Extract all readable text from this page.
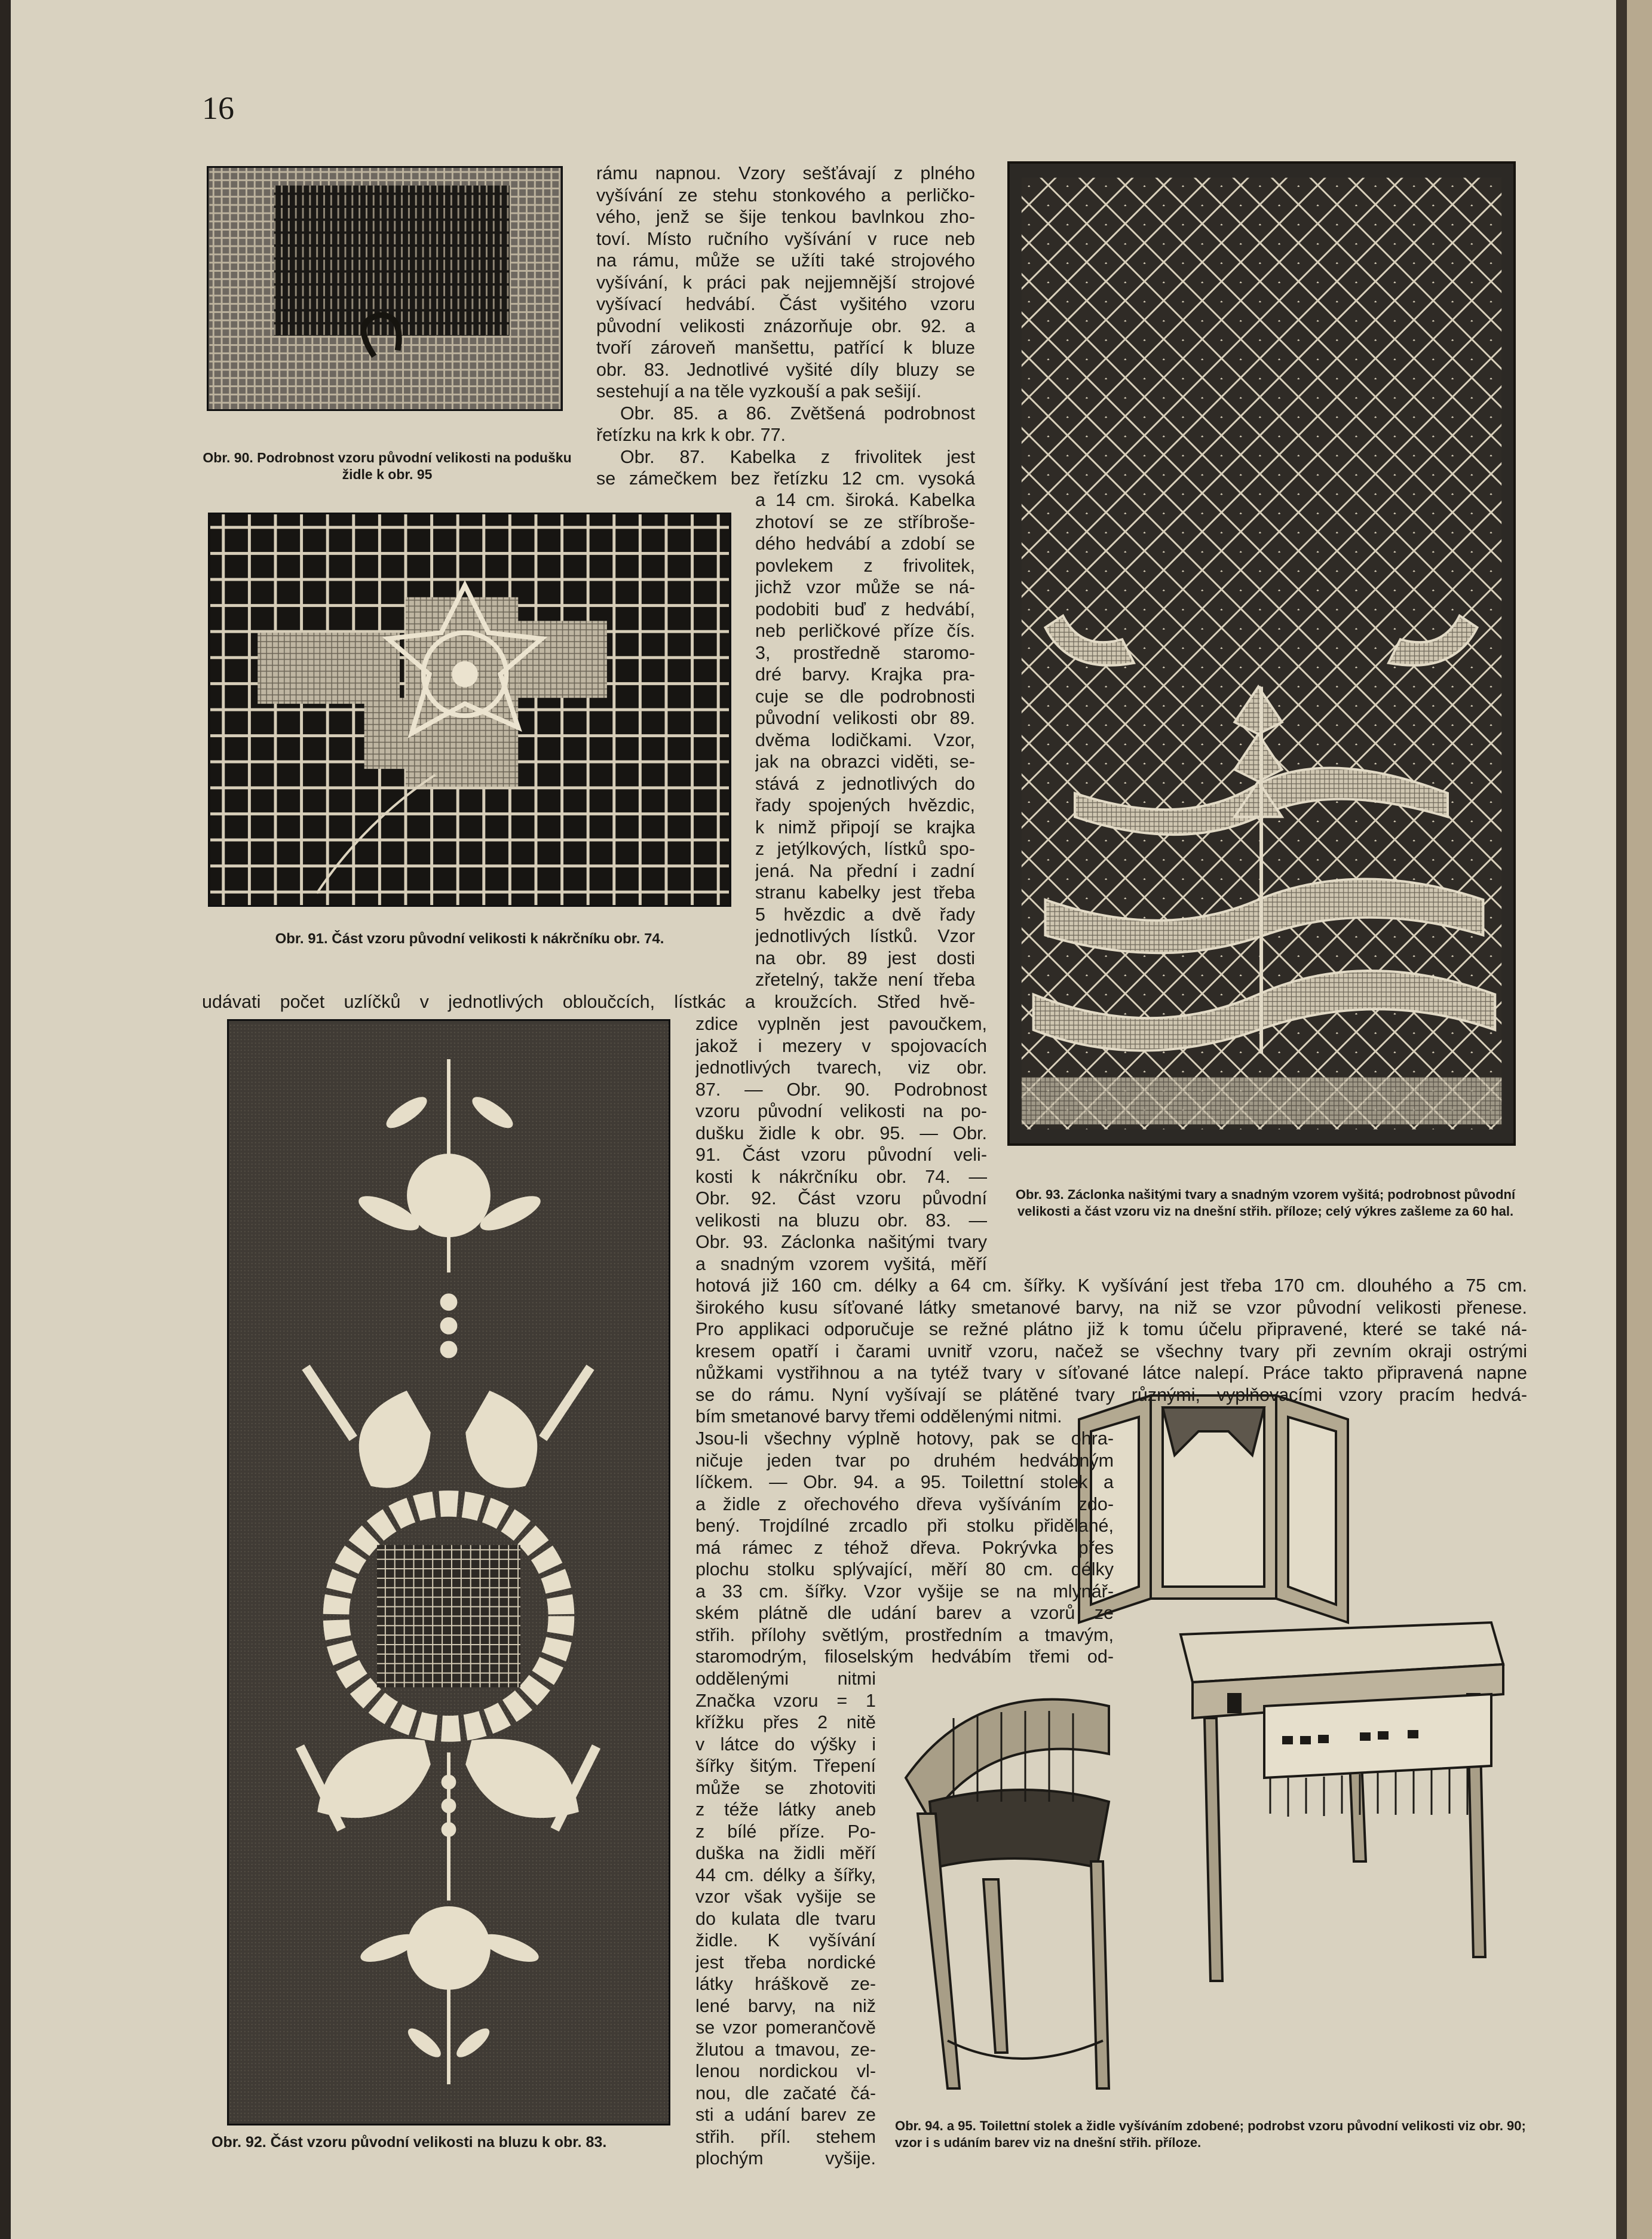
16
Obr. 90. Podrobnost vzoru původní velikosti na podušku židle k obr. 95
Obr. 91. Část vzoru původní velikosti k nákrčníku obr. 74.
Obr. 92. Část vzoru původní velikosti na bluzu k obr. 83.
Obr. 93. Záclonka našitými tvary a snadným vzorem vyšitá; podrobnost původní velikosti a část vzoru viz na dnešní střih. příloze; celý výkres zašleme za 60 hal.
Obr. 94. a 95. Toilettní stolek a židle vyšíváním zdobené; podrobst vzoru původní velikosti viz obr. 90; vzor i s udáním barev viz na dnešní střih. příloze.
rámu napnou. Vzory sešťávají z plného
vyšívání ze stehu stonkového a perličko-
vého, jenž se šije tenkou bavlnkou zho-
toví. Místo ručního vyšívání v ruce neb
na rámu, může se užíti také strojového
vyšívání, k práci pak nejjemnější strojové
vyšívací hedvábí. Část vyšitého vzoru
původní velikosti znázorňuje obr. 92. a
tvoří zároveň manšettu, patřící k bluze
obr. 83. Jednotlivé vyšité díly bluzy se
sestehují a na těle vyzkouší a pak sešijí.
Obr. 85. a 86. Zvětšená podrobnost
řetízku na krk k obr. 77.
Obr. 87. Kabelka z frivolitek jest
se zámečkem bez řetízku 12 cm. vysoká
a 14 cm. široká. Kabelka
zhotoví se ze stříbroše-
dého hedvábí a zdobí se
povlekem z frivolitek,
jichž vzor může se ná-
podobiti buď z hedvábí,
neb perličkové příze čís.
3, prostředně staromo-
dré barvy. Krajka pra-
cuje se dle podrobnosti
původní velikosti obr 89.
dvěma lodičkami. Vzor,
jak na obrazci viděti, se-
stává z jednotlivých do
řady spojených hvězdic,
k nimž připojí se krajka
z jetýlkových, lístků spo-
jená. Na přední i zadní
stranu kabelky jest třeba
5 hvězdic a dvě řady
jednotlivých lístků. Vzor
na obr. 89 jest dosti
zřetelný, takže není třeba
udávati počet uzlíčků v jednotlivých obloučcích, lístkác a kroužcích. Střed hvě-
zdice vyplněn jest pavoučkem,
jakož i mezery v spojovacích
jednotlivých tvarech, viz obr.
87. — Obr. 90. Podrobnost
vzoru původní velikosti na po-
dušku židle k obr. 95. — Obr.
91. Část vzoru původní veli-
kosti k nákrčníku obr. 74. —
Obr. 92. Část vzoru původní
velikosti na bluzu obr. 83. —
Obr. 93. Záclonka našitými tvary
a snadným vzorem vyšitá, měří
hotová již 160 cm. délky a 64 cm. šířky. K vyšívání jest třeba 170 cm. dlouhého a 75 cm.
širokého kusu síťované látky smetanové barvy, na niž se vzor původní velikosti přenese.
Pro applikaci odporučuje se režné plátno již k tomu účelu připravené, které se také ná-
kresem opatří i čarami uvnitř vzoru, načež se všechny tvary při zevním okraji ostrými
nůžkami vystřihnou a na tytéž tvary v síťované látce nalepí. Práce takto připravená napne
se do rámu. Nyní vyšívají se plátěné tvary různými, vyplňovacími vzory pracím hedvá-
bím smetanové barvy třemi oddělenými nitmi.
Jsou-li všechny výplně hotovy, pak se ohra-
ničuje jeden tvar po druhém hedvábným
líčkem. — Obr. 94. a 95. Toilettní stolek a
a židle z ořechového dřeva vyšíváním zdo-
bený. Trojdílné zrcadlo při stolku přidělané,
má rámec z téhož dřeva. Pokrývka přes
plochu stolku splývající, měří 80 cm. délky
a 33 cm. šířky. Vzor vyšije se na mlynář-
ském plátně dle udání barev a vzorů ze
střih. přílohy světlým, prostředním a tmavým,
staromodrým, filoselským hedvábím třemi od-
oddělenými nitmi
Značka vzoru = 1
křížku přes 2 nitě
v látce do výšky i
šířky šitým. Třepení
může se zhotoviti
z téže látky aneb
z bílé příze. Po-
duška na židli měří
44 cm. délky a šířky,
vzor však vyšije se
do kulata dle tvaru
židle. K vyšívání
jest třeba nordické
látky hráškově ze-
lené barvy, na niž
se vzor pomerančově
žlutou a tmavou, ze-
lenou nordickou vl-
nou, dle začaté čá-
sti a udání barev ze
střih. příl. stehem
plochým vyšije.
